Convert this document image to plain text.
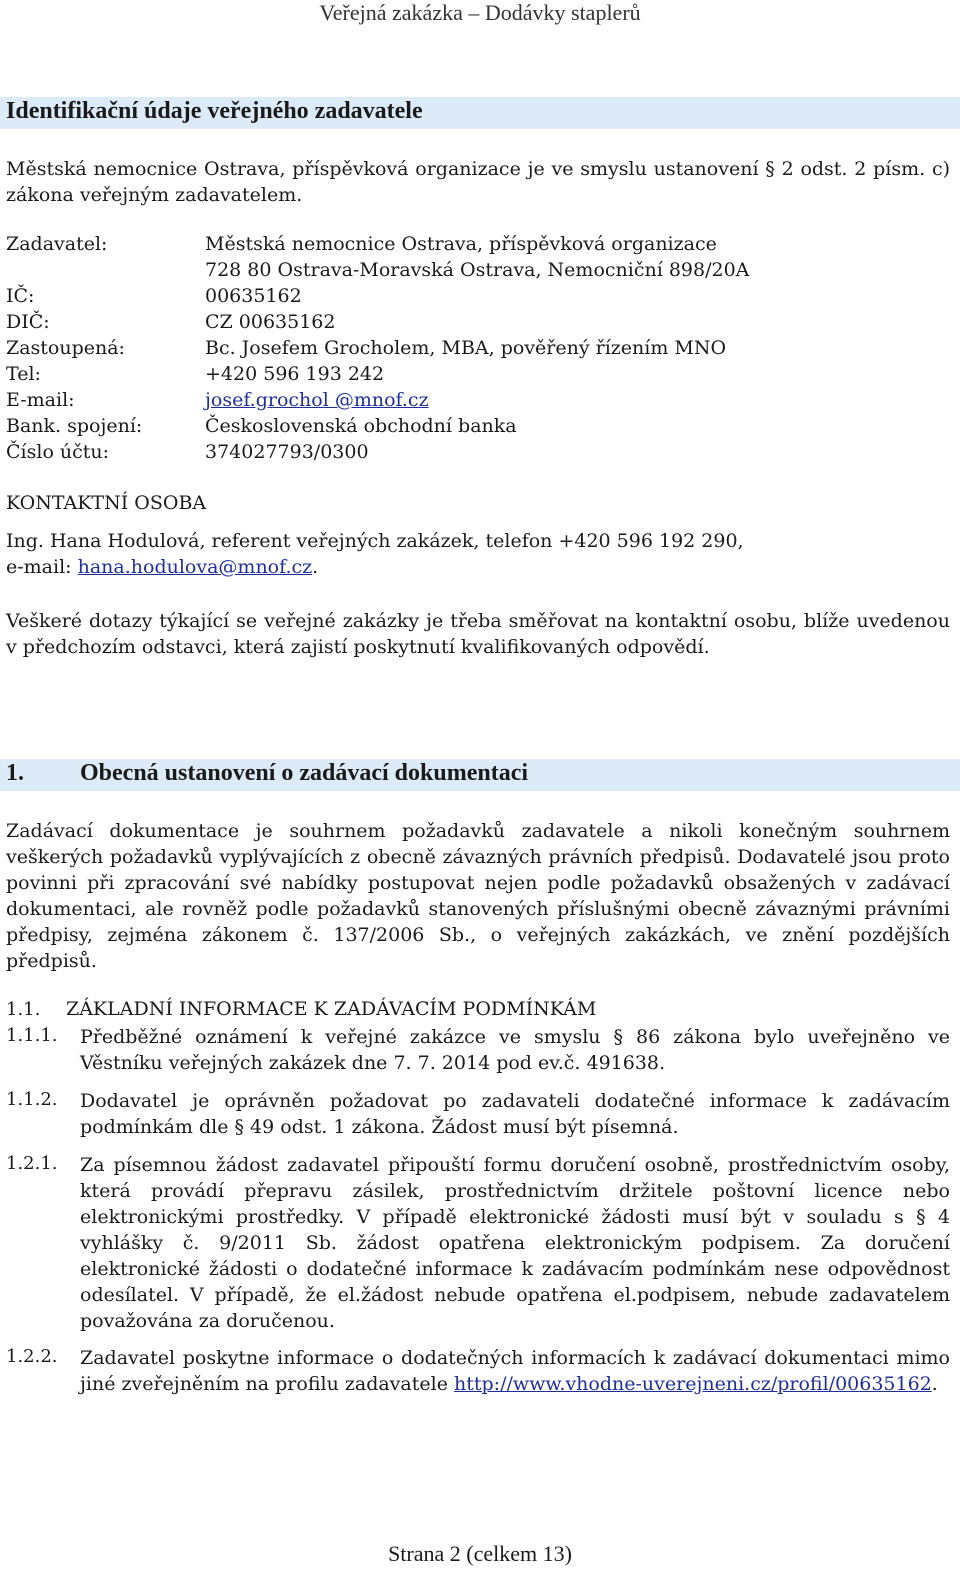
Veřejná zakázka – Dodávky staplerů
Identifikační údaje veřejného zadavatele
Městská nemocnice Ostrava, příspěvková organizace je ve smyslu ustanovení § 2 odst. 2 písm. c) zákona veřejným zadavatelem.
Zadavatel:	Městská nemocnice Ostrava, příspěvková organizace
728 80 Ostrava-Moravská Ostrava, Nemocniční 898/20A
IČ:	00635162
DIČ:	CZ 00635162
Zastoupená:	Bc. Josefem Grocholem, MBA, pověřený řízením MNO
Tel:	+420 596 193 242
E-mail:	josef.grochol @mnof.cz
Bank. spojení:	Československá obchodní banka
Číslo účtu:	374027793/0300
KONTAKTNÍ OSOBA
Ing. Hana Hodulová, referent veřejných zakázek, telefon +420 596 192 290,
e-mail: hana.hodulova@mnof.cz.
Veškeré dotazy týkající se veřejné zakázky je třeba směřovat na kontaktní osobu, blíže uvedenou v předchozím odstavci, která zajistí poskytnutí kvalifikovaných odpovědí.
1. Obecná ustanovení o zadávací dokumentaci
Zadávací dokumentace je souhrnem požadavků zadavatele a nikoli konečným souhrnem veškerých požadavků vyplývajících z obecně závazných právních předpisů. Dodavatelé jsou proto povinni při zpracování své nabídky postupovat nejen podle požadavků obsažených v zadávací dokumentaci, ale rovněž podle požadavků stanovených příslušnými obecně závaznými právními předpisy, zejména zákonem č. 137/2006 Sb., o veřejných zakázkách, ve znění pozdějších předpisů.
1.1. ZÁKLADNÍ INFORMACE K ZADÁVACÍM PODMÍNKÁM
1.1.1. Předběžné oznámení k veřejné zakázce ve smyslu § 86 zákona bylo uveřejněno ve Věstníku veřejných zakázek dne 7. 7. 2014 pod ev.č. 491638.
1.1.2. Dodavatel je oprávněn požadovat po zadavateli dodatečné informace k zadávacím podmínkám dle § 49 odst. 1 zákona. Žádost musí být písemná.
1.2.1. Za písemnou žádost zadavatel připouští formu doručení osobně, prostřednictvím osoby, která provádí přepravu zásilek, prostřednictvím držitele poštovní licence nebo elektronickými prostředky. V případě elektronické žádosti musí být v souladu s § 4 vyhlášky č. 9/2011 Sb. žádost opatřena elektronickým podpisem. Za doručení elektronické žádosti o dodatečné informace k zadávacím podmínkám nese odpovědnost odesílatel. V případě, že el.žádost nebude opatřena el.podpisem, nebude zadavatelem považována za doručenou.
1.2.2. Zadavatel poskytne informace o dodatečných informacích k zadávací dokumentaci mimo jiné zveřejněním na profilu zadavatele http://www.vhodne-uverejneni.cz/profil/00635162.
Strana 2 (celkem 13)
